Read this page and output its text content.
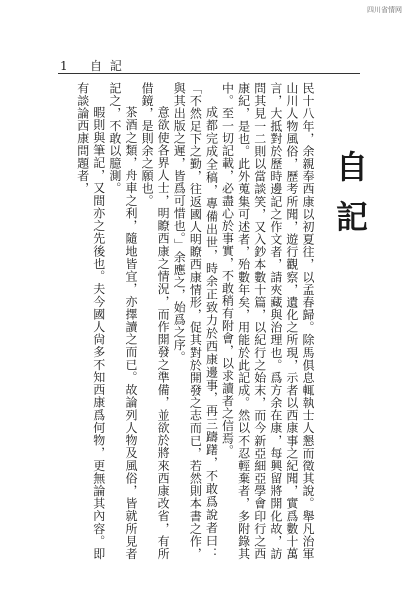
四川省情网
1	自 記
自記

民十八年，余親奉西康以初夏往，以孟春歸。除馬俱息輒執士人懇而徵其說。舉凡治軍山川人物風俗，歷考所聞，遊行觀察，遺化之所現，示者以西康事之紀聞，實爲數十萬言，大抵對於歷時邊記之作文者，請夾藏與治理也。爲方余在康，每興留將開化故，訪問其見一二則以當談笑，又入鈔本數十篇，以紀行之始末，而今新亞細亞學會印行之西康紀，是也。此外蒐集可述者，殆數年矣，用能於此記成。然以不忍輕棄者，多附錄其中。至一切記載，必盡心於事實，不敢稍有附會，以求讀者之信焉。

成都完成全稿，專備出世，時余正致力於西康邊事，再三躊躇，不敢爲說者曰：「不然足下之勤，往返國人明瞭西康情形，促其對於開發之志而已，若然則本書之作，與其出版之遲，皆爲可惜也。」余應之，始爲之序。

意欲使各界人士，明瞭西康之情況，而作開發之準備，並欲於將來西康改省，有所借鏡，是則余之願也。

茶酒之類，舟車之利，隨地皆宜，亦擇讀之而已。故論列人物及風俗，皆就所見者記之，不敢以臆測。

暇則與筆記，又間亦之先後也。夫今國人尙多不知西康爲何物，更無論其內容。即有談論西康問題者，
